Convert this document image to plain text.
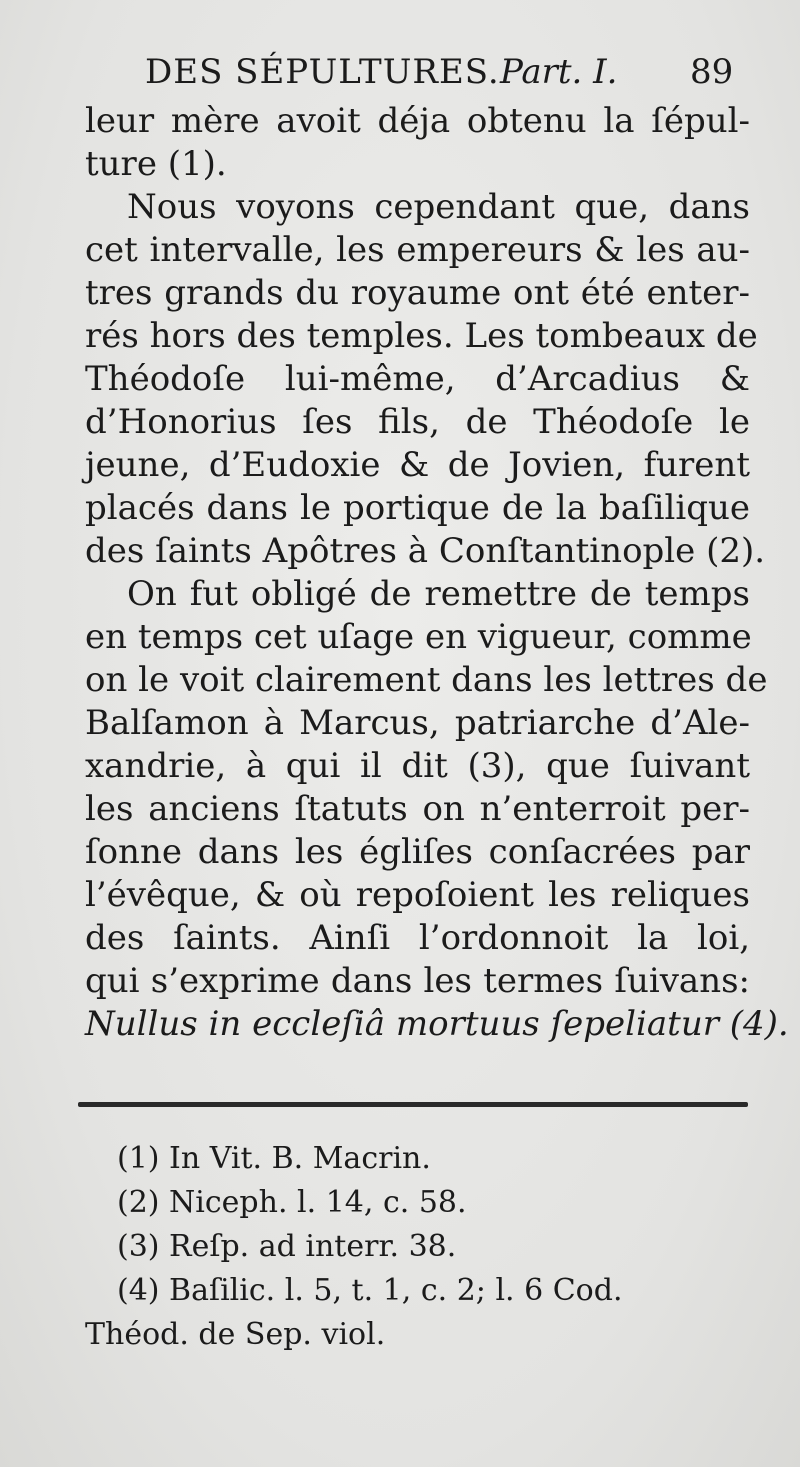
DES SÉPULTURES. Part. I. 89
leur mère avoit déja obtenu la ſépul-
ture (1).
Nous voyons cependant que, dans
cet intervalle, les empereurs & les au-
tres grands du royaume ont été enter-
rés hors des temples. Les tombeaux de
Théodoſe lui-même, d’Arcadius &
d’Honorius ſes fils, de Théodoſe le
jeune, d’Eudoxie & de Jovien, furent
placés dans le portique de la baſilique
des ſaints Apôtres à Conſtantinople (2).
On fut obligé de remettre de temps
en temps cet uſage en vigueur, comme
on le voit clairement dans les lettres de
Balſamon à Marcus, patriarche d’Ale-
xandrie, à qui il dit (3), que ſuivant
les anciens ſtatuts on n’enterroit per-
ſonne dans les égliſes conſacrées par
l’évêque, & où repoſoient les reliques
des ſaints. Ainſi l’ordonnoit la loi,
qui s’exprime dans les termes ſuivans:
Nullus in eccleſiâ mortuus ſepeliatur (4).
(1) In Vit. B. Macrin.
(2) Niceph. l. 14, c. 58.
(3) Reſp. ad interr. 38.
(4) Baſilic. l. 5, t. 1, c. 2; l. 6 Cod.
Théod. de Sep. viol.
